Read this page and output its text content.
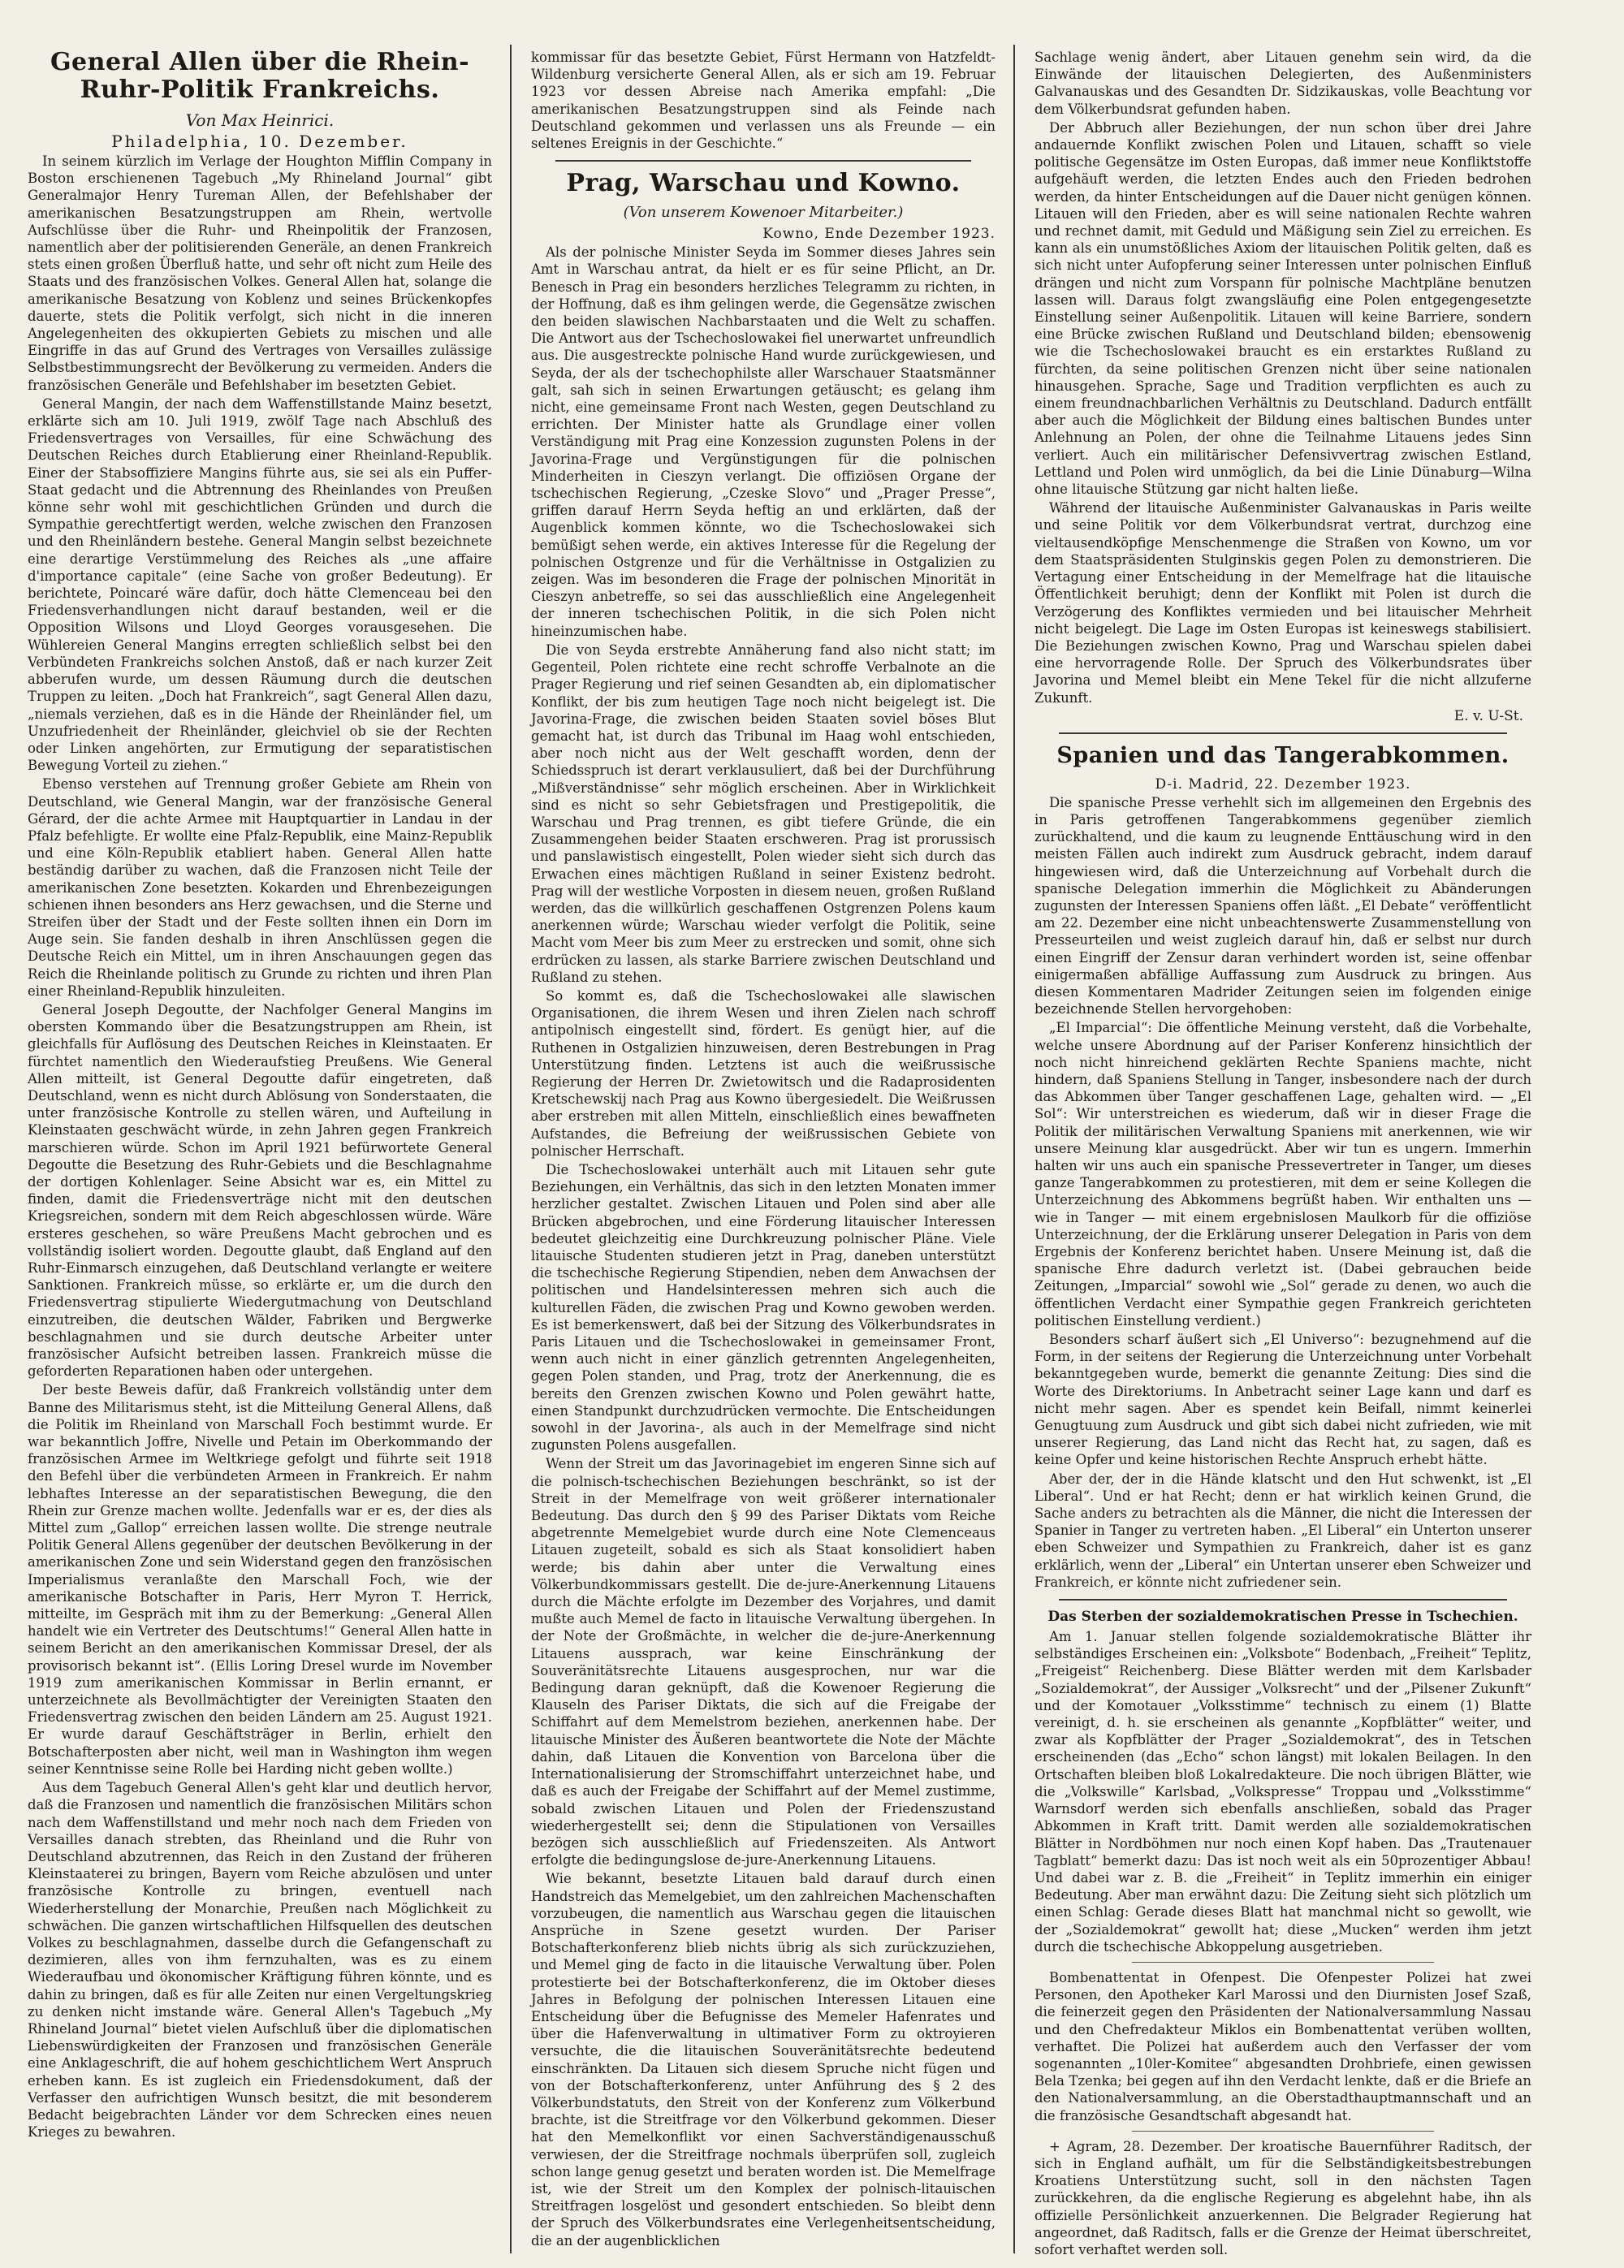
General Allen über die Rhein-Ruhr-Politik Frankreichs.
Von Max Heinrici.
Philadelphia, 10. Dezember.

In seinem kürzlich im Verlage der Houghton Mifflin Company in Boston erschienenen Tagebuch „My Rhineland Journal“ gibt Generalmajor Henry Tureman Allen, der Befehlshaber der amerikanischen Besatzungstruppen am Rhein, wertvolle Aufschlüsse über die Ruhr- und Rheinpolitik der Franzosen, namentlich aber der politisierenden Generäle, an denen Frankreich stets einen großen Überfluß hatte, und sehr oft nicht zum Heile des Staats und des französischen Volkes. General Allen hat, solange die amerikanische Besatzung von Koblenz und seines Brückenkopfes dauerte, stets die Politik verfolgt, sich nicht in die inneren Angelegenheiten des okkupierten Gebiets zu mischen und alle Eingriffe in das auf Grund des Vertrages von Versailles zulässige Selbstbestimmungsrecht der Bevölkerung zu vermeiden. Anders die französischen Generäle und Befehlshaber im besetzten Gebiet.

General Mangin, der nach dem Waffenstillstande Mainz besetzt, erklärte sich am 10. Juli 1919, zwölf Tage nach Abschluß des Friedensvertrages von Versailles, für eine Schwächung des Deutschen Reiches durch Etablierung einer Rheinland-Republik. Einer der Stabsoffiziere Mangins führte aus, sie sei als ein Puffer-Staat gedacht und die Abtrennung des Rheinlandes von Preußen könne sehr wohl mit geschichtlichen Gründen und durch die Sympathie gerechtfertigt werden, welche zwischen den Franzosen und den Rheinländern bestehe. General Mangin selbst bezeichnete eine derartige Verstümmelung des Reiches als „une affaire d'importance capitale“ (eine Sache von großer Bedeutung). Er berichtete, Poincaré wäre dafür, doch hätte Clemenceau bei den Friedensverhandlungen nicht darauf bestanden, weil er die Opposition Wilsons und Lloyd Georges vorausgesehen. Die Wühlereien General Mangins erregten schließlich selbst bei den Verbündeten Frankreichs solchen Anstoß, daß er nach kurzer Zeit abberufen wurde, um dessen Räumung durch die deutschen Truppen zu leiten. „Doch hat Frankreich“, sagt General Allen dazu, „niemals verziehen, daß es in die Hände der Rheinländer fiel, um Unzufriedenheit der Rheinländer, gleichviel ob sie der Rechten oder Linken angehörten, zur Ermutigung der separatistischen Bewegung Vorteil zu ziehen.“

Ebenso verstehen auf Trennung großer Gebiete am Rhein von Deutschland, wie General Mangin, war der französische General Gérard, der die achte Armee mit Hauptquartier in Landau in der Pfalz befehligte. Er wollte eine Pfalz-Republik, eine Mainz-Republik und eine Köln-Republik etabliert haben. General Allen hatte beständig darüber zu wachen, daß die Franzosen nicht Teile der amerikanischen Zone besetzten. Kokarden und Ehrenbezeigungen schienen ihnen besonders ans Herz gewachsen, und die Sterne und Streifen über der Stadt und der Feste sollten ihnen ein Dorn im Auge sein. Sie fanden deshalb in ihren Anschlüssen gegen die Deutsche Reich ein Mittel, um in ihren Anschauungen gegen das Reich die Rheinlande politisch zu Grunde zu richten und ihren Plan einer Rheinland-Republik hinzuleiten.

General Joseph Degoutte, der Nachfolger General Mangins im obersten Kommando über die Besatzungstruppen am Rhein, ist gleichfalls für Auflösung des Deutschen Reiches in Kleinstaaten. Er fürchtet namentlich den Wiederaufstieg Preußens. Wie General Allen mitteilt, ist General Degoutte dafür eingetreten, daß Deutschland, wenn es nicht durch Ablösung von Sonderstaaten, die unter französische Kontrolle zu stellen wären, und Aufteilung in Kleinstaaten geschwächt würde, in zehn Jahren gegen Frankreich marschieren würde. Schon im April 1921 befürwortete General Degoutte die Besetzung des Ruhr-Gebiets und die Beschlagnahme der dortigen Kohlenlager. Seine Absicht war es, ein Mittel zu finden, damit die Friedensverträge nicht mit den deutschen Kriegsreichen, sondern mit dem Reich abgeschlossen würde. Wäre ersteres geschehen, so wäre Preußens Macht gebrochen und es vollständig isoliert worden. Degoutte glaubt, daß England auf den Ruhr-Einmarsch einzugehen, daß Deutschland verlangte er weitere Sanktionen. Frankreich müsse, so erklärte er, um die durch den Friedensvertrag stipulierte Wiedergutmachung von Deutschland einzutreiben, die deutschen Wälder, Fabriken und Bergwerke beschlagnahmen und sie durch deutsche Arbeiter unter französischer Aufsicht betreiben lassen. Frankreich müsse die geforderten Reparationen haben oder untergehen.

Der beste Beweis dafür, daß Frankreich vollständig unter dem Banne des Militarismus steht, ist die Mitteilung General Allens, daß die Politik im Rheinland von Marschall Foch bestimmt wurde. Er war bekanntlich Joffre, Nivelle und Petain im Oberkommando der französischen Armee im Weltkriege gefolgt und führte seit 1918 den Befehl über die verbündeten Armeen in Frankreich. Er nahm lebhaftes Interesse an der separatistischen Bewegung, die den Rhein zur Grenze machen wollte. Jedenfalls war er es, der dies als Mittel zum „Gallop“ erreichen lassen wollte. Die strenge neutrale Politik General Allens gegenüber der deutschen Bevölkerung in der amerikanischen Zone und sein Widerstand gegen den französischen Imperialismus veranlaßte den Marschall Foch, wie der amerikanische Botschafter in Paris, Herr Myron T. Herrick, mitteilte, im Gespräch mit ihm zu der Bemerkung: „General Allen handelt wie ein Vertreter des Deutschtums!“ General Allen hatte in seinem Bericht an den amerikanischen Kommissar Dresel, der als provisorisch bekannt ist“. (Ellis Loring Dresel wurde im November 1919 zum amerikanischen Kommissar in Berlin ernannt, er unterzeichnete als Bevollmächtigter der Vereinigten Staaten den Friedensvertrag zwischen den beiden Ländern am 25. August 1921. Er wurde darauf Geschäftsträger in Berlin, erhielt den Botschafterposten aber nicht, weil man in Washington ihm wegen seiner Kenntnisse seine Rolle bei Harding nicht geben wollte.)

Aus dem Tagebuch General Allen's geht klar und deutlich hervor, daß die Franzosen und namentlich die französischen Militärs schon nach dem Waffenstillstand und mehr noch nach dem Frieden von Versailles danach strebten, das Rheinland und die Ruhr von Deutschland abzutrennen, das Reich in den Zustand der früheren Kleinstaaterei zu bringen, Bayern vom Reiche abzulösen und unter französische Kontrolle zu bringen, eventuell nach Wiederherstellung der Monarchie, Preußen nach Möglichkeit zu schwächen. Die ganzen wirtschaftlichen Hilfsquellen des deutschen Volkes zu beschlagnahmen, dasselbe durch die Gefangenschaft zu dezimieren, alles von ihm fernzuhalten, was es zu einem Wiederaufbau und ökonomischer Kräftigung führen könnte, und es dahin zu bringen, daß es für alle Zeiten nur einen Vergeltungskrieg zu denken nicht imstande wäre. General Allen's Tagebuch „My Rhineland Journal“ bietet vielen Aufschluß über die diplomatischen Liebenswürdigkeiten der Franzosen und französischen Generäle eine Anklageschrift, die auf hohem geschichtlichem Wert Anspruch erheben kann. Es ist zugleich ein Friedensdokument, daß der Verfasser den aufrichtigen Wunsch besitzt, die mit besonderem Bedacht beigebrachten Länder vor dem Schrecken eines neuen Krieges zu bewahren.

kommissar für das besetzte Gebiet, Fürst Hermann von Hatzfeldt-Wildenburg versicherte General Allen, als er sich am 19. Februar 1923 vor dessen Abreise nach Amerika empfahl: „Die amerikanischen Besatzungstruppen sind als Feinde nach Deutschland gekommen und verlassen uns als Freunde — ein seltenes Ereignis in der Geschichte.“

Prag, Warschau und Kowno.
(Von unserem Kowenoer Mitarbeiter.)
Kowno, Ende Dezember 1923.

Als der polnische Minister Seyda im Sommer dieses Jahres sein Amt in Warschau antrat, da hielt er es für seine Pflicht, an Dr. Benesch in Prag ein besonders herzliches Telegramm zu richten, in der Hoffnung, daß es ihm gelingen werde, die Gegensätze zwischen den beiden slawischen Nachbarstaaten und die Welt zu schaffen. Die Antwort aus der Tschechoslowakei fiel unerwartet unfreundlich aus. Die ausgestreckte polnische Hand wurde zurückgewiesen, und Seyda, der als der tschechophilste aller Warschauer Staatsmänner galt, sah sich in seinen Erwartungen getäuscht; es gelang ihm nicht, eine gemeinsame Front nach Westen, gegen Deutschland zu errichten. Der Minister hatte als Grundlage einer vollen Verständigung mit Prag eine Konzession zugunsten Polens in der Javorina-Frage und Vergünstigungen für die polnischen Minderheiten in Cieszyn verlangt. Die offiziösen Organe der tschechischen Regierung, „Czeske Slovo“ und „Prager Presse“, griffen darauf Herrn Seyda heftig an und erklärten, daß der Augenblick kommen könnte, wo die Tschechoslowakei sich bemüßigt sehen werde, ein aktives Interesse für die Regelung der polnischen Ostgrenze und für die Verhältnisse in Ostgalizien zu zeigen. Was im besonderen die Frage der polnischen Minorität in Cieszyn anbetreffe, so sei das ausschließlich eine Angelegenheit der inneren tschechischen Politik, in die sich Polen nicht hineinzumischen habe.

Die von Seyda erstrebte Annäherung fand also nicht statt; im Gegenteil, Polen richtete eine recht schroffe Verbalnote an die Prager Regierung und rief seinen Gesandten ab, ein diplomatischer Konflikt, der bis zum heutigen Tage noch nicht beigelegt ist. Die Javorina-Frage, die zwischen beiden Staaten soviel böses Blut gemacht hat, ist durch das Tribunal im Haag wohl entschieden, aber noch nicht aus der Welt geschafft worden, denn der Schiedsspruch ist derart verklausuliert, daß bei der Durchführung „Mißverständnisse“ sehr möglich erscheinen. Aber in Wirklichkeit sind es nicht so sehr Gebietsfragen und Prestigepolitik, die Warschau und Prag trennen, es gibt tiefere Gründe, die ein Zusammengehen beider Staaten erschweren. Prag ist prorussisch und panslawistisch eingestellt, Polen wieder sieht sich durch das Erwachen eines mächtigen Rußland in seiner Existenz bedroht. Prag will der westliche Vorposten in diesem neuen, großen Rußland werden, das die willkürlich geschaffenen Ostgrenzen Polens kaum anerkennen würde; Warschau wieder verfolgt die Politik, seine Macht vom Meer bis zum Meer zu erstrecken und somit, ohne sich erdrücken zu lassen, als starke Barriere zwischen Deutschland und Rußland zu stehen.

So kommt es, daß die Tschechoslowakei alle slawischen Organisationen, die ihrem Wesen und ihren Zielen nach schroff antipolnisch eingestellt sind, fördert. Es genügt hier, auf die Ruthenen in Ostgalizien hinzuweisen, deren Bestrebungen in Prag Unterstützung finden. Letztens ist auch die weißrussische Regierung der Herren Dr. Zwietowitsch und die Radaprosidenten Kretschewskij nach Prag aus Kowno übergesiedelt. Die Weißrussen aber erstreben mit allen Mitteln, einschließlich eines bewaffneten Aufstandes, die Befreiung der weißrussischen Gebiete von polnischer Herrschaft.

Die Tschechoslowakei unterhält auch mit Litauen sehr gute Beziehungen, ein Verhältnis, das sich in den letzten Monaten immer herzlicher gestaltet. Zwischen Litauen und Polen sind aber alle Brücken abgebrochen, und eine Förderung litauischer Interessen bedeutet gleichzeitig eine Durchkreuzung polnischer Pläne. Viele litauische Studenten studieren jetzt in Prag, daneben unterstützt die tschechische Regierung Stipendien, neben dem Anwachsen der politischen und Handelsinteressen mehren sich auch die kulturellen Fäden, die zwischen Prag und Kowno gewoben werden. Es ist bemerkenswert, daß bei der Sitzung des Völkerbundsrates in Paris Litauen und die Tschechoslowakei in gemeinsamer Front, wenn auch nicht in einer gänzlich getrennten Angelegenheiten, gegen Polen standen, und Prag, trotz der Anerkennung, die es bereits den Grenzen zwischen Kowno und Polen gewährt hatte, einen Standpunkt durchzudrücken vermochte. Die Entscheidungen sowohl in der Javorina-, als auch in der Memelfrage sind nicht zugunsten Polens ausgefallen.

Wenn der Streit um das Javorinagebiet im engeren Sinne sich auf die polnisch-tschechischen Beziehungen beschränkt, so ist der Streit in der Memelfrage von weit größerer internationaler Bedeutung. Das durch den § 99 des Pariser Diktats vom Reiche abgetrennte Memelgebiet wurde durch eine Note Clemenceaus Litauen zugeteilt, sobald es sich als Staat konsolidiert haben werde; bis dahin aber unter die Verwaltung eines Völkerbundkommissars gestellt. Die de-jure-Anerkennung Litauens durch die Mächte erfolgte im Dezember des Vorjahres, und damit mußte auch Memel de facto in litauische Verwaltung übergehen. In der Note der Großmächte, in welcher die de-jure-Anerkennung Litauens aussprach, war keine Einschränkung der Souveränitätsrechte Litauens ausgesprochen, nur war die Bedingung daran geknüpft, daß die Kowenoer Regierung die Klauseln des Pariser Diktats, die sich auf die Freigabe der Schiffahrt auf dem Memelstrom beziehen, anerkennen habe. Der litauische Minister des Äußeren beantwortete die Note der Mächte dahin, daß Litauen die Konvention von Barcelona über die Internationalisierung der Stromschiffahrt unterzeichnet habe, und daß es auch der Freigabe der Schiffahrt auf der Memel zustimme, sobald zwischen Litauen und Polen der Friedenszustand wiederhergestellt sei; denn die Stipulationen von Versailles bezögen sich ausschließlich auf Friedenszeiten. Als Antwort erfolgte die bedingungslose de-jure-Anerkennung Litauens.

Wie bekannt, besetzte Litauen bald darauf durch einen Handstreich das Memelgebiet, um den zahlreichen Machenschaften vorzubeugen, die namentlich aus Warschau gegen die litauischen Ansprüche in Szene gesetzt wurden. Der Pariser Botschafterkonferenz blieb nichts übrig als sich zurückzuziehen, und Memel ging de facto in die litauische Verwaltung über. Polen protestierte bei der Botschafterkonferenz, die im Oktober dieses Jahres in Befolgung der polnischen Interessen Litauen eine Entscheidung über die Befugnisse des Memeler Hafenrates und über die Hafenverwaltung in ultimativer Form zu oktroyieren versuchte, die die litauischen Souveränitätsrechte bedeutend einschränkten. Da Litauen sich diesem Spruche nicht fügen und von der Botschafterkonferenz, unter Anführung des § 2 des Völkerbundstatuts, den Streit von der Konferenz zum Völkerbund brachte, ist die Streitfrage vor den Völkerbund gekommen. Dieser hat den Memelkonflikt vor einen Sachverständigenausschuß verwiesen, der die Streitfrage nochmals überprüfen soll, zugleich schon lange genug gesetzt und beraten worden ist. Die Memelfrage ist, wie der Streit um den Komplex der polnisch-litauischen Streitfragen losgelöst und gesondert entschieden. So bleibt denn der Spruch des Völkerbundsrates eine Verlegenheitsentscheidung, die an der augenblicklichen

Sachlage wenig ändert, aber Litauen genehm sein wird, da die Einwände der litauischen Delegierten, des Außenministers Galvanauskas und des Gesandten Dr. Sidzikauskas, volle Beachtung vor dem Völkerbundsrat gefunden haben.

Der Abbruch aller Beziehungen, der nun schon über drei Jahre andauernde Konflikt zwischen Polen und Litauen, schafft so viele politische Gegensätze im Osten Europas, daß immer neue Konfliktstoffe aufgehäuft werden, die letzten Endes auch den Frieden bedrohen werden, da hinter Entscheidungen auf die Dauer nicht genügen können. Litauen will den Frieden, aber es will seine nationalen Rechte wahren und rechnet damit, mit Geduld und Mäßigung sein Ziel zu erreichen. Es kann als ein unumstößliches Axiom der litauischen Politik gelten, daß es sich nicht unter Aufopferung seiner Interessen unter polnischen Einfluß drängen und nicht zum Vorspann für polnische Machtpläne benutzen lassen will. Daraus folgt zwangsläufig eine Polen entgegengesetzte Einstellung seiner Außenpolitik. Litauen will keine Barriere, sondern eine Brücke zwischen Rußland und Deutschland bilden; ebensowenig wie die Tschechoslowakei braucht es ein erstarktes Rußland zu fürchten, da seine politischen Grenzen nicht über seine nationalen hinausgehen. Sprache, Sage und Tradition verpflichten es auch zu einem freundnachbarlichen Verhältnis zu Deutschland. Dadurch entfällt aber auch die Möglichkeit der Bildung eines baltischen Bundes unter Anlehnung an Polen, der ohne die Teilnahme Litauens jedes Sinn verliert. Auch ein militärischer Defensivvertrag zwischen Estland, Lettland und Polen wird unmöglich, da bei die Linie Dünaburg—Wilna ohne litauische Stützung gar nicht halten ließe.

Während der litauische Außenminister Galvanauskas in Paris weilte und seine Politik vor dem Völkerbundsrat vertrat, durchzog eine vieltausendköpfige Menschenmenge die Straßen von Kowno, um vor dem Staatspräsidenten Stulginskis gegen Polen zu demonstrieren. Die Vertagung einer Entscheidung in der Memelfrage hat die litauische Öffentlichkeit beruhigt; denn der Konflikt mit Polen ist durch die Verzögerung des Konfliktes vermieden und bei litauischer Mehrheit nicht beigelegt. Die Lage im Osten Europas ist keineswegs stabilisiert. Die Beziehungen zwischen Kowno, Prag und Warschau spielen dabei eine hervorragende Rolle. Der Spruch des Völkerbundsrates über Javorina und Memel bleibt ein Mene Tekel für die nicht allzuferne Zukunft.

E. v. U-St.
Spanien und das Tangerabkommen.
D-i. Madrid, 22. Dezember 1923.

Die spanische Presse verhehlt sich im allgemeinen den Ergebnis des in Paris getroffenen Tangerabkommens gegenüber ziemlich zurückhaltend, und die kaum zu leugnende Enttäuschung wird in den meisten Fällen auch indirekt zum Ausdruck gebracht, indem darauf hingewiesen wird, daß die Unterzeichnung auf Vorbehalt durch die spanische Delegation immerhin die Möglichkeit zu Abänderungen zugunsten der Interessen Spaniens offen läßt. „El Debate“ veröffentlicht am 22. Dezember eine nicht unbeachtenswerte Zusammenstellung von Presseurteilen und weist zugleich darauf hin, daß er selbst nur durch einen Eingriff der Zensur daran verhindert worden ist, seine offenbar einigermaßen abfällige Auffassung zum Ausdruck zu bringen. Aus diesen Kommentaren Madrider Zeitungen seien im folgenden einige bezeichnende Stellen hervorgehoben:

„El Imparcial“: Die öffentliche Meinung versteht, daß die Vorbehalte, welche unsere Abordnung auf der Pariser Konferenz hinsichtlich der noch nicht hinreichend geklärten Rechte Spaniens machte, nicht hindern, daß Spaniens Stellung in Tanger, insbesondere nach der durch das Abkommen über Tanger geschaffenen Lage, gehalten wird. — „El Sol“: Wir unterstreichen es wiederum, daß wir in dieser Frage die Politik der militärischen Verwaltung Spaniens mit anerkennen, wie wir unsere Meinung klar ausgedrückt. Aber wir tun es ungern. Immerhin halten wir uns auch ein spanische Pressevertreter in Tanger, um dieses ganze Tangerabkommen zu protestieren, mit dem er seine Kollegen die Unterzeichnung des Abkommens begrüßt haben. Wir enthalten uns — wie in Tanger — mit einem ergebnislosen Maulkorb für die offiziöse Unterzeichnung, der die Erklärung unserer Delegation in Paris von dem Ergebnis der Konferenz berichtet haben. Unsere Meinung ist, daß die spanische Ehre dadurch verletzt ist. (Dabei gebrauchen beide Zeitungen, „Imparcial“ sowohl wie „Sol“ gerade zu denen, wo auch die öffentlichen Verdacht einer Sympathie gegen Frankreich gerichteten politischen Einstellung verdient.)

Besonders scharf äußert sich „El Universo“: bezugnehmend auf die Form, in der seitens der Regierung die Unterzeichnung unter Vorbehalt bekanntgegeben wurde, bemerkt die genannte Zeitung: Dies sind die Worte des Direktoriums. In Anbetracht seiner Lage kann und darf es nicht mehr sagen. Aber es spendet kein Beifall, nimmt keinerlei Genugtuung zum Ausdruck und gibt sich dabei nicht zufrieden, wie mit unserer Regierung, das Land nicht das Recht hat, zu sagen, daß es keine Opfer und keine historischen Rechte Anspruch erhebt hätte.

Aber der, der in die Hände klatscht und den Hut schwenkt, ist „El Liberal“. Und er hat Recht; denn er hat wirklich keinen Grund, die Sache anders zu betrachten als die Männer, die nicht die Interessen der Spanier in Tanger zu vertreten haben. „El Liberal“ ein Unterton unserer eben Schweizer und Sympathien zu Frankreich, daher ist es ganz erklärlich, wenn der „Liberal“ ein Untertan unserer eben Schweizer und Frankreich, er könnte nicht zufriedener sein.

Das Sterben der sozialdemokratischen Presse in Tschechien.

Am 1. Januar stellen folgende sozialdemokratische Blätter ihr selbständiges Erscheinen ein: „Volksbote“ Bodenbach, „Freiheit“ Teplitz, „Freigeist“ Reichenberg. Diese Blätter werden mit dem Karlsbader „Sozialdemokrat“, der Aussiger „Volksrecht“ und der „Pilsener Zukunft“ und der Komotauer „Volksstimme“ technisch zu einem (1) Blatte vereinigt, d. h. sie erscheinen als genannte „Kopfblätter“ weiter, und zwar als Kopfblätter der Prager „Sozialdemokrat“, des in Tetschen erscheinenden (das „Echo“ schon längst) mit lokalen Beilagen. In den Ortschaften bleiben bloß Lokalredakteure. Die noch übrigen Blätter, wie die „Volkswille“ Karlsbad, „Volkspresse“ Troppau und „Volksstimme“ Warnsdorf werden sich ebenfalls anschließen, sobald das Prager Abkommen in Kraft tritt. Damit werden alle sozialdemokratischen Blätter in Nordböhmen nur noch einen Kopf haben. Das „Trautenauer Tagblatt“ bemerkt dazu: Das ist noch weit als ein 50prozentiger Abbau! Und dabei war z. B. die „Freiheit“ in Teplitz immerhin ein einiger Bedeutung. Aber man erwähnt dazu: Die Zeitung sieht sich plötzlich um einen Schlag: Gerade dieses Blatt hat manchmal nicht so gewollt, wie der „Sozialdemokrat“ gewollt hat; diese „Mucken“ werden ihm jetzt durch die tschechische Abkoppelung ausgetrieben.

Bombenattentat in Ofenpest. Die Ofenpester Polizei hat zwei Personen, den Apotheker Karl Marossi und den Diurnisten Josef Szaß, die feinerzeit gegen den Präsidenten der Nationalversammlung Nassau und den Chefredakteur Miklos ein Bombenattentat verüben wollten, verhaftet. Die Polizei hat außerdem auch den Verfasser der vom sogenannten „10ler-Komitee“ abgesandten Drohbriefe, einen gewissen Bela Tzenka; bei gegen auf ihn den Verdacht lenkte, daß er die Briefe an den Nationalversammlung, an die Oberstadthauptmannschaft und an die französische Gesandtschaft abgesandt hat.

+ Agram, 28. Dezember. Der kroatische Bauernführer Raditsch, der sich in England aufhält, um für die Selbständigkeitsbestrebungen Kroatiens Unterstützung sucht, soll in den nächsten Tagen zurückkehren, da die englische Regierung es abgelehnt habe, ihn als offizielle Persönlichkeit anzuerkennen. Die Belgrader Regierung hat angeordnet, daß Raditsch, falls er die Grenze der Heimat überschreitet, sofort verhaftet werden soll.
